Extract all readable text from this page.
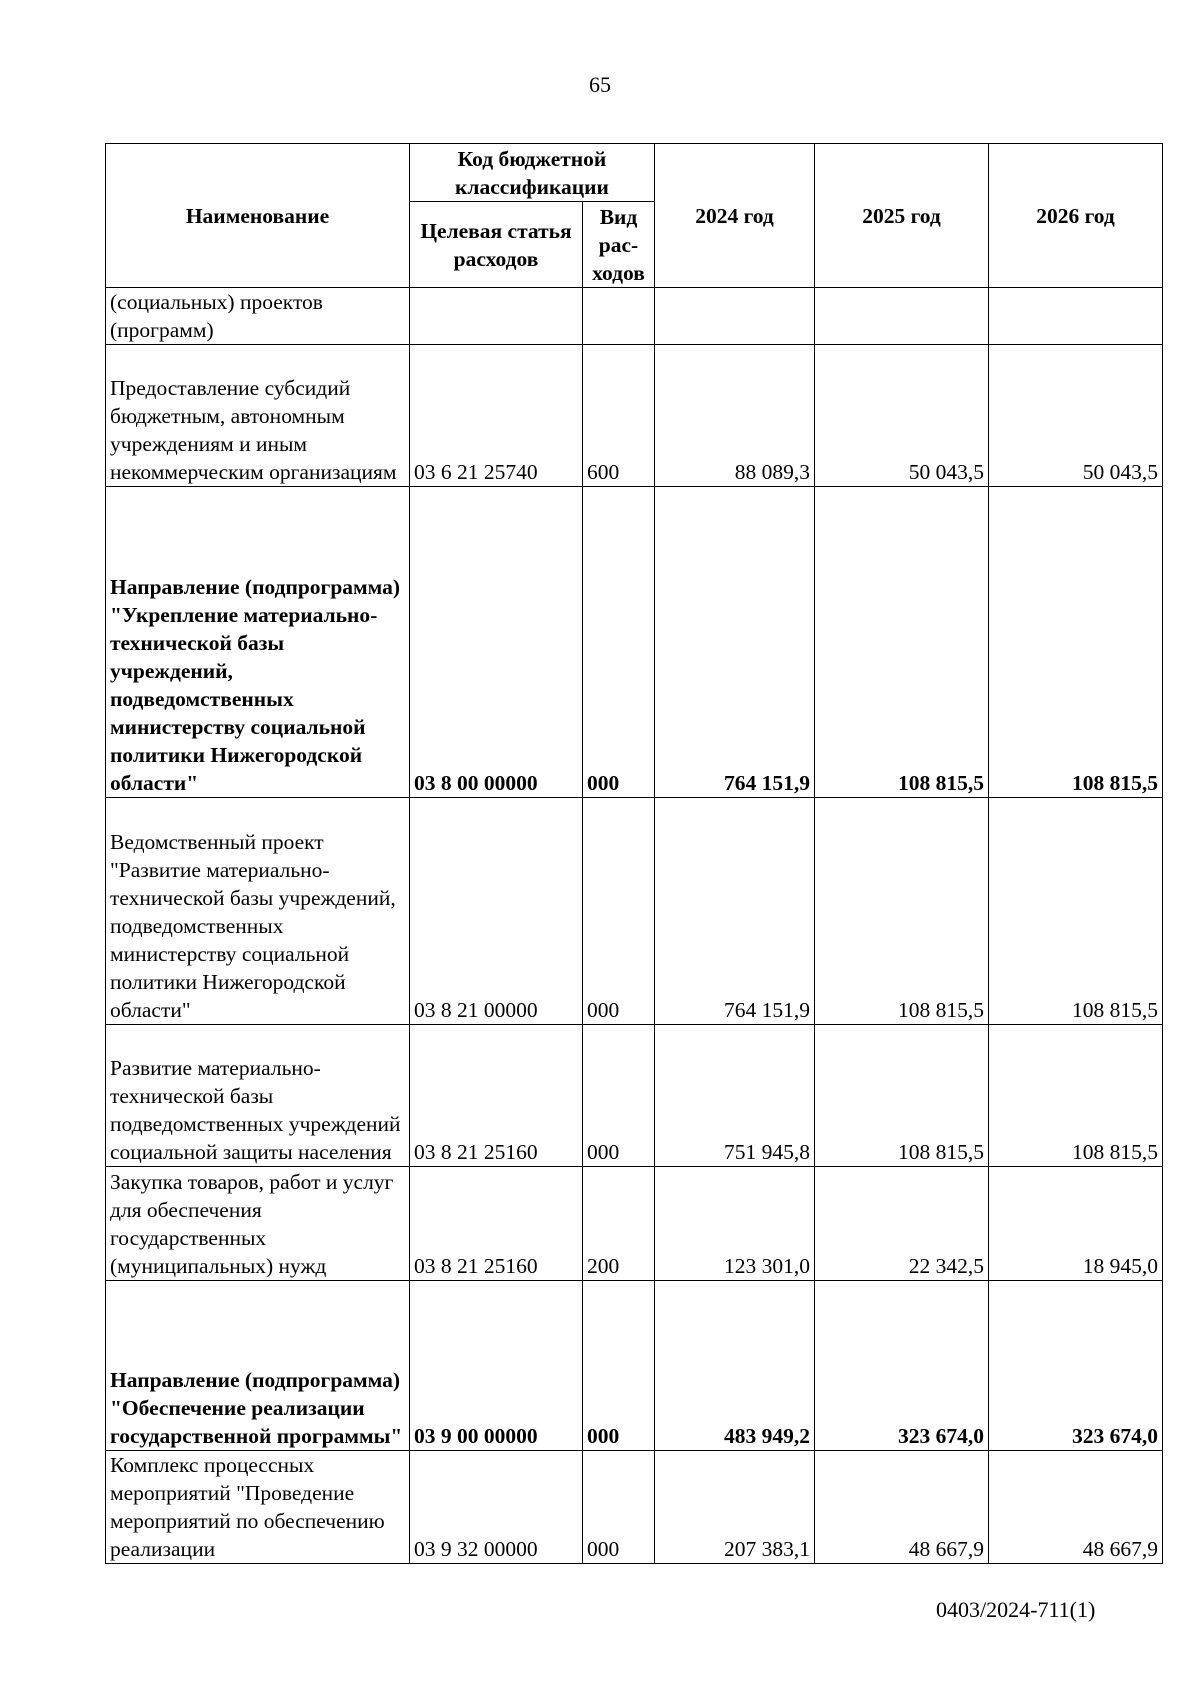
65
Наименование	Код бюджетной классификации		2024 год	2025 год	2026 год
	Целевая статья расходов	Вид рас-ходов			
(социальных) проектов (программ)					
Предоставление субсидий бюджетным, автономным учреждениям и иным некоммерческим организациям	03 6 21 25740	600	88 089,3	50 043,5	50 043,5
Направление (подпрограмма) "Укрепление материально-технической базы учреждений, подведомственных министерству социальной политики Нижегородской области"	03 8 00 00000	000	764 151,9	108 815,5	108 815,5
Ведомственный проект "Развитие материально-технической базы учреждений, подведомственных министерству социальной политики Нижегородской области"	03 8 21 00000	000	764 151,9	108 815,5	108 815,5
Развитие материально-технической базы подведомственных учреждений социальной защиты населения	03 8 21 25160	000	751 945,8	108 815,5	108 815,5
Закупка товаров, работ и услуг для обеспечения государственных (муниципальных) нужд	03 8 21 25160	200	123 301,0	22 342,5	18 945,0
Направление (подпрограмма) "Обеспечение реализации государственной программы"	03 9 00 00000	000	483 949,2	323 674,0	323 674,0
Комплекс процессных мероприятий "Проведение мероприятий по обеспечению реализации	03 9 32 00000	000	207 383,1	48 667,9	48 667,9
0403/2024-711(1)
